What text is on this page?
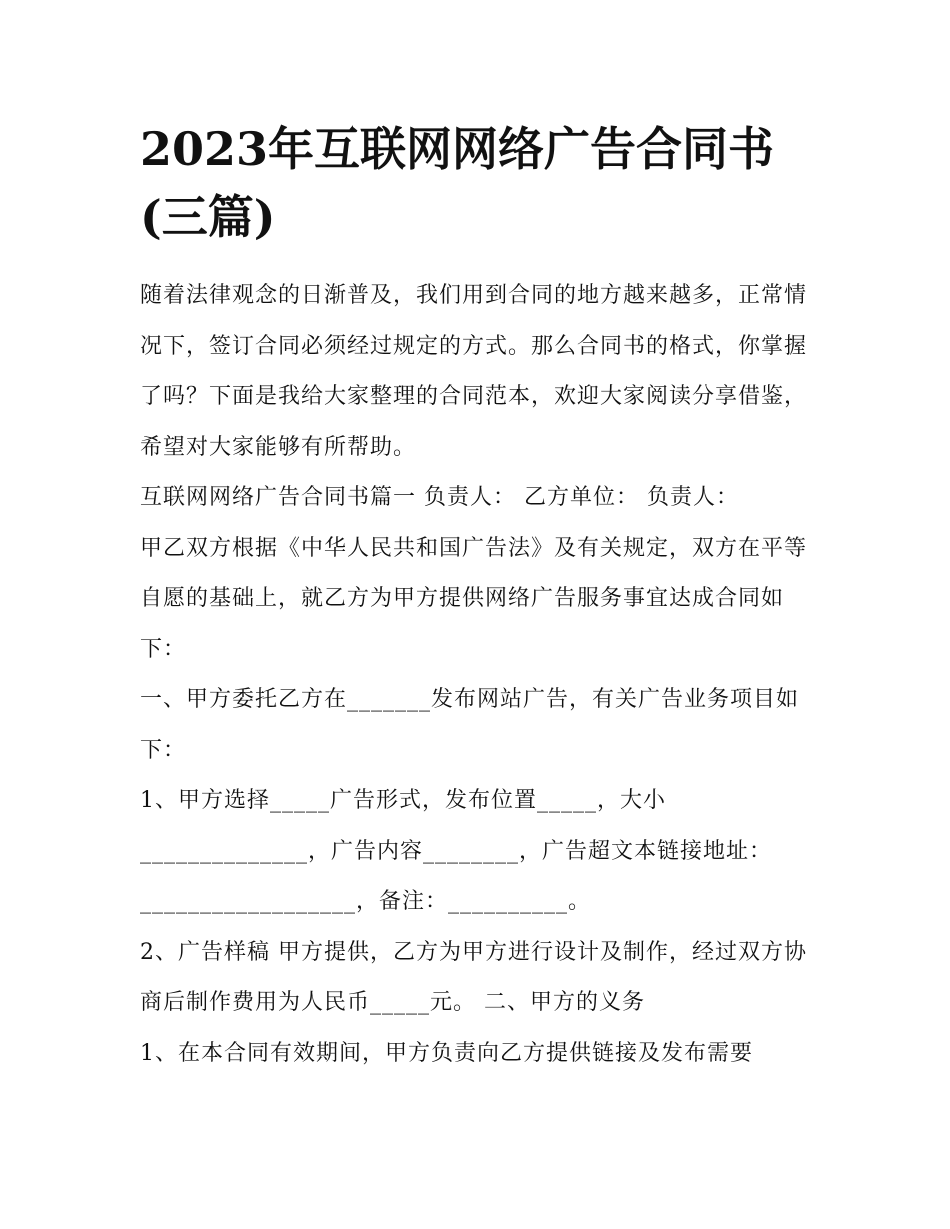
2023年互联网网络广告合同书(三篇)

随着法律观念的日渐普及，我们用到合同的地方越来越多，正常情况下，签订合同必须经过规定的方式。那么合同书的格式，你掌握了吗？下面是我给大家整理的合同范本，欢迎大家阅读分享借鉴，希望对大家能够有所帮助。

互联网网络广告合同书篇一 负责人： 乙方单位： 负责人：

甲乙双方根据《中华人民共和国广告法》及有关规定，双方在平等自愿的基础上，就乙方为甲方提供网络广告服务事宜达成合同如下：

一、甲方委托乙方在_______发布网站广告，有关广告业务项目如下：

1、甲方选择_____广告形式，发布位置_____，大小______________，广告内容________，广告超文本链接地址：__________________，备注：__________。

2、广告样稿 甲方提供，乙方为甲方进行设计及制作，经过双方协商后制作费用为人民币_____元。 二、甲方的义务

1、在本合同有效期间，甲方负责向乙方提供链接及发布需要
